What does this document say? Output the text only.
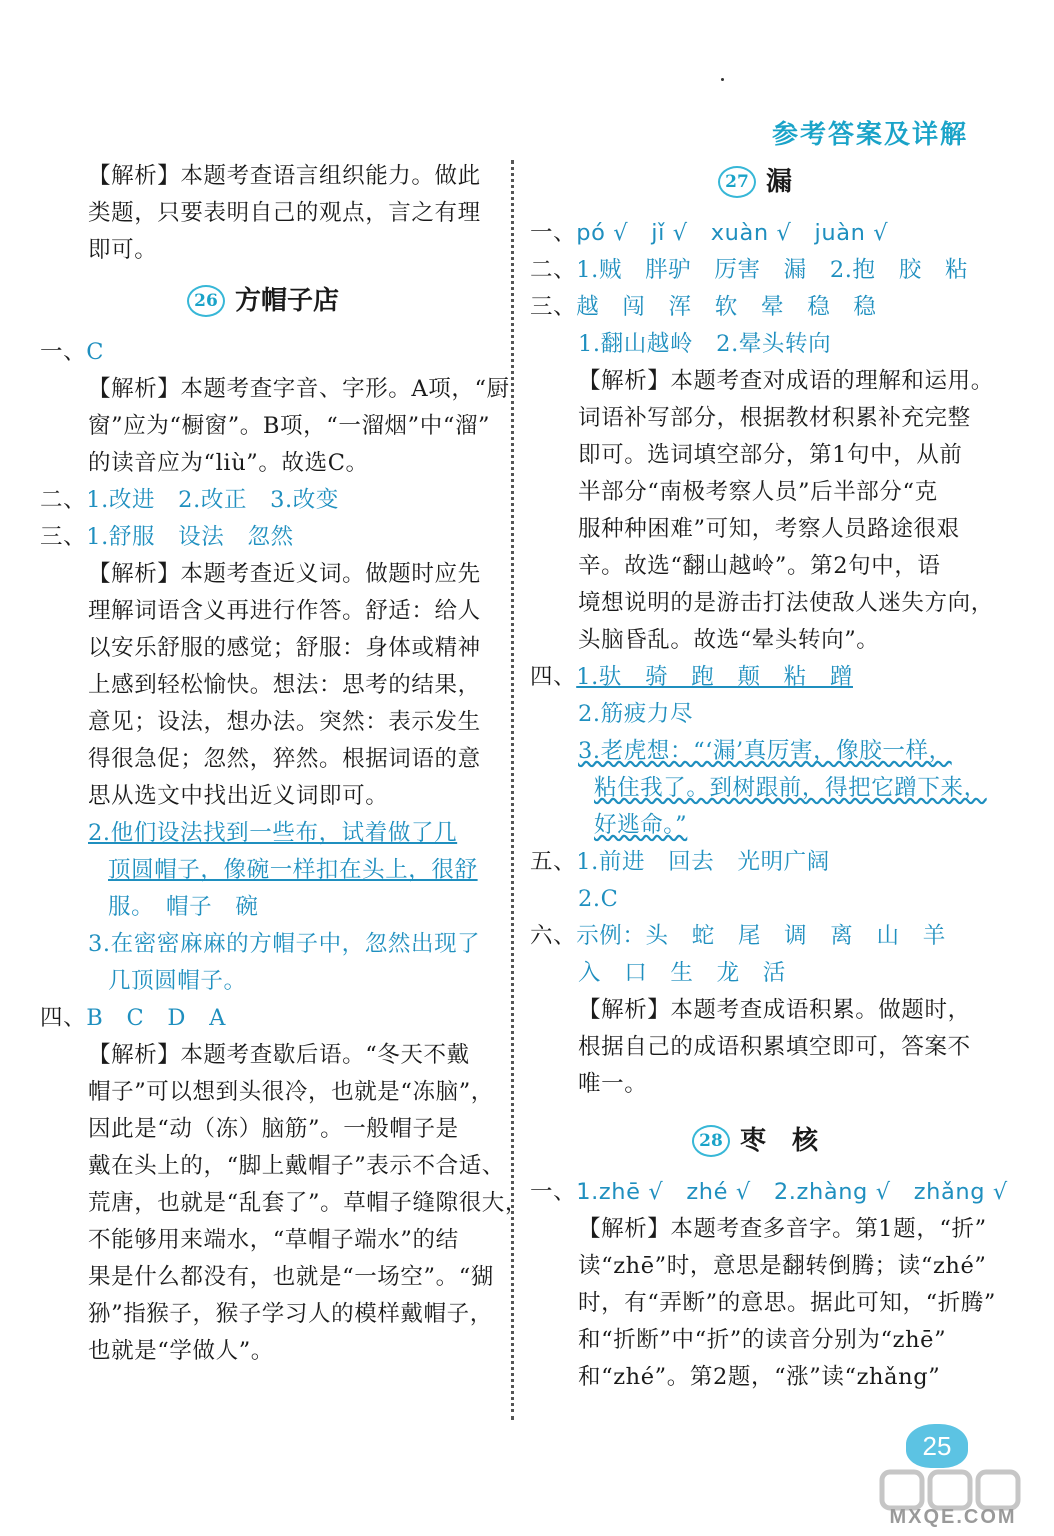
参考答案及详解
【解析】本题考查语言组织能力。做此
类题，只要表明自己的观点，言之有理
即可。
26 方帽子店
一、C
【解析】本题考查字音、字形。A项，“厨
窗”应为“橱窗”。B项，“一溜烟”中“溜”
的读音应为“liù”。故选C。
二、1.改进　2.改正　3.改变
三、1.舒服　设法　忽然
【解析】本题考查近义词。做题时应先
理解词语含义再进行作答。舒适：给人
以安乐舒服的感觉；舒服：身体或精神
上感到轻松愉快。想法：思考的结果，
意见；设法，想办法。突然：表示发生
得很急促；忽然，猝然。根据词语的意
思从选文中找出近义词即可。
2.他们设法找到一些布，试着做了几
顶圆帽子，像碗一样扣在头上，很舒
服。　帽子　碗
3.在密密麻麻的方帽子中，忽然出现了
几顶圆帽子。
四、B　C　D　A
【解析】本题考查歇后语。“冬天不戴
帽子”可以想到头很冷，也就是“冻脑”，
因此是“动（冻）脑筋”。一般帽子是
戴在头上的，“脚上戴帽子”表示不合适、
荒唐，也就是“乱套了”。草帽子缝隙很大，
不能够用来端水，“草帽子端水”的结
果是什么都没有，也就是“一场空”。“猢
狲”指猴子，猴子学习人的模样戴帽子，
也就是“学做人”。
27 漏
一、pó √　jǐ √　xuàn √　juàn √
二、1.贼　胖驴　厉害　漏　2.抱　胶　粘
三、越　闯　浑　软　晕　稳　稳
1.翻山越岭　2.晕头转向
【解析】本题考查对成语的理解和运用。
词语补写部分，根据教材积累补充完整
即可。选词填空部分，第1句中，从前
半部分“南极考察人员”后半部分“克
服种种困难”可知，考察人员路途很艰
辛。故选“翻山越岭”。第2句中，语
境想说明的是游击打法使敌人迷失方向，
头脑昏乱。故选“晕头转向”。
四、1.驮　骑　跑　颠　粘　蹭
2.筋疲力尽
3.老虎想：“‘漏’真厉害，像胶一样，
粘住我了。到树跟前，得把它蹭下来，
好逃命。”
五、1.前进　回去　光明广阔
2.C
六、示例：头　蛇　尾　调　离　山　羊
入　口　生　龙　活
【解析】本题考查成语积累。做题时，
根据自己的成语积累填空即可，答案不
唯一。
28 枣　核
一、1.zhē √　zhé √　2.zhàng √　zhǎng √
【解析】本题考查多音字。第1题，“折”
读“zhē”时，意思是翻转倒腾；读“zhé”
时，有“弄断”的意思。据此可知，“折腾”
和“折断”中“折”的读音分别为“zhē”
和“zhé”。第2题，“涨”读“zhǎng”
25
MXQE.COM
